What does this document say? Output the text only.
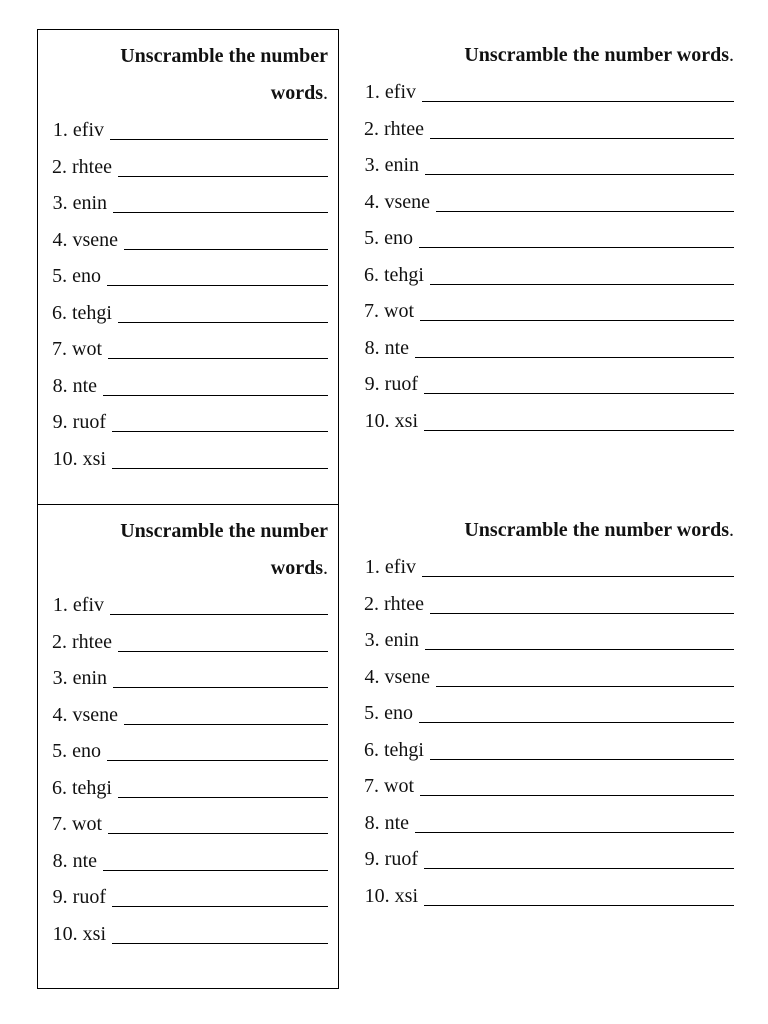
Unscramble the number
words.
1. efiv
2. rhtee
3. enin
4. vsene
5. eno
6. tehgi
7. wot
8. nte
9. ruof
10. xsi
Unscramble the number words.
1. efiv
2. rhtee
3. enin
4. vsene
5. eno
6. tehgi
7. wot
8. nte
9. ruof
10. xsi
Unscramble the number
words.
1. efiv
2. rhtee
3. enin
4. vsene
5. eno
6. tehgi
7. wot
8. nte
9. ruof
10. xsi
Unscramble the number words.
1. efiv
2. rhtee
3. enin
4. vsene
5. eno
6. tehgi
7. wot
8. nte
9. ruof
10. xsi
